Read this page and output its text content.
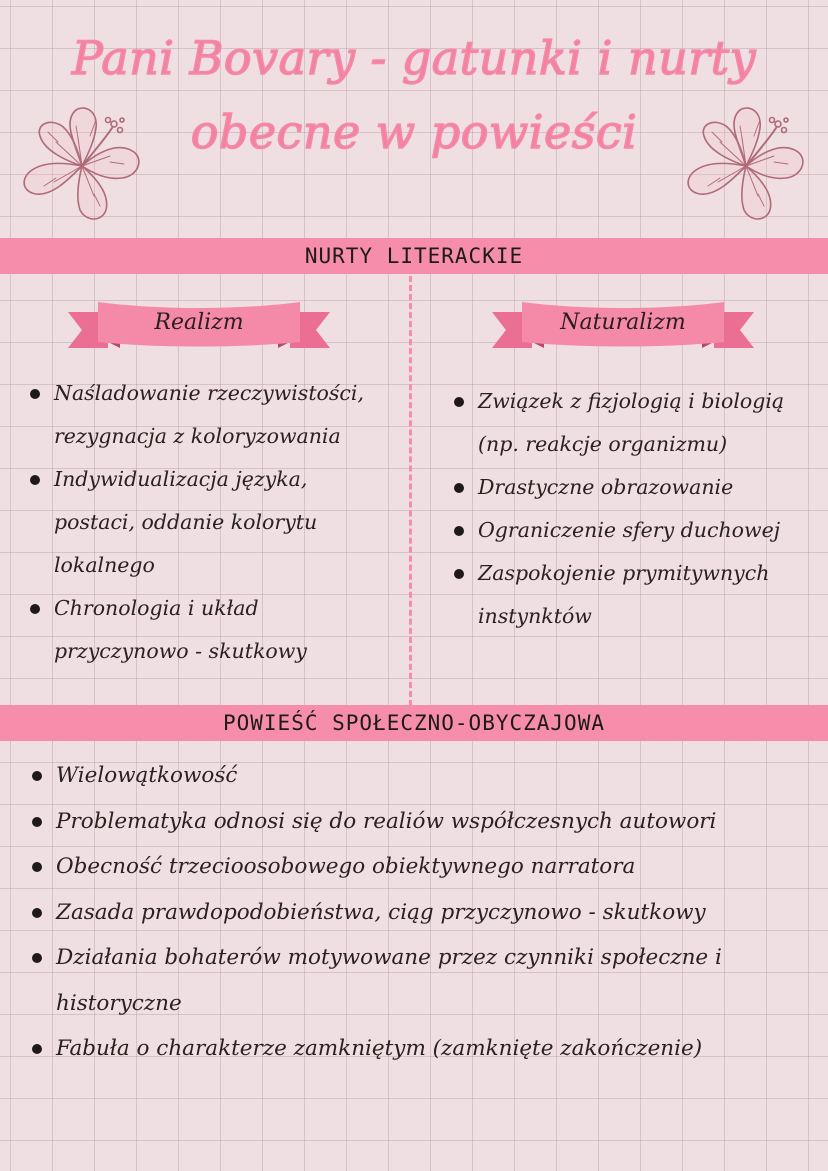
Pani Bovary - gatunki i nurty
obecne w powieści
NURTY LITERACKIE
Realizm	Naturalizm
Naśladowanie rzeczywistości, rezygnacja z koloryzowania
Indywidualizacja języka, postaci, oddanie kolorytu lokalnego
Chronologia i układ przyczynowo - skutkowy
Związek z fizjologią i biologią (np. reakcje organizmu)
Drastyczne obrazowanie
Ograniczenie sfery duchowej
Zaspokojenie prymitywnych instynktów
POWIEŚĆ SPOŁECZNO-OBYCZAJOWA
Wielowątkowość
Problematyka odnosi się do realiów współczesnych autowori
Obecność trzecioosobowego obiektywnego narratora
Zasada prawdopodobieństwa, ciąg przyczynowo - skutkowy
Działania bohaterów motywowane przez czynniki społeczne i historyczne
Fabuła o charakterze zamkniętym (zamknięte zakończenie)
